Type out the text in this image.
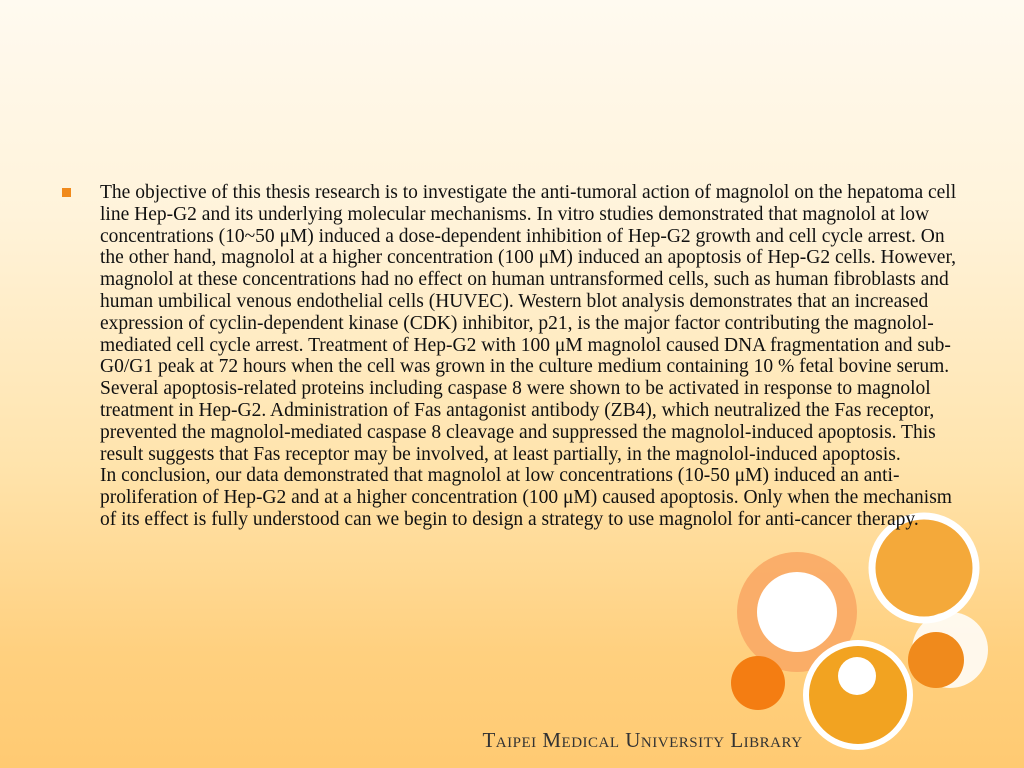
The objective of this thesis research is to investigate the anti-tumoral action of magnolol on the hepatoma cell line Hep-G2 and its underlying molecular mechanisms. In vitro studies demonstrated that magnolol at low concentrations (10~50 μM) induced a dose-dependent inhibition of Hep-G2 growth and cell cycle arrest. On the other hand, magnolol at a higher concentration (100 μM) induced an apoptosis of Hep-G2 cells. However, magnolol at these concentrations had no effect on human untransformed cells, such as human fibroblasts and human umbilical venous endothelial cells (HUVEC). Western blot analysis demonstrates that an increased expression of cyclin-dependent kinase (CDK) inhibitor, p21, is the major factor contributing the magnolol-mediated cell cycle arrest. Treatment of Hep-G2 with 100 μM magnolol caused DNA fragmentation and sub-G0/G1 peak at 72 hours when the cell was grown in the culture medium containing 10 % fetal bovine serum. Several apoptosis-related proteins including caspase 8 were shown to be activated in response to magnolol treatment in Hep-G2. Administration of Fas antagonist antibody (ZB4), which neutralized the Fas receptor, prevented the magnolol-mediated caspase 8 cleavage and suppressed the magnolol-induced apoptosis. This result suggests that Fas receptor may be involved, at least partially, in the magnolol-induced apoptosis.

In conclusion, our data demonstrated that magnolol at low concentrations (10-50 μM) induced an anti-proliferation of Hep-G2 and at a higher concentration (100 μM) caused apoptosis. Only when the mechanism of its effect is fully understood can we begin to design a strategy to use magnolol for anti-cancer therapy.

Taipei Medical University Library
